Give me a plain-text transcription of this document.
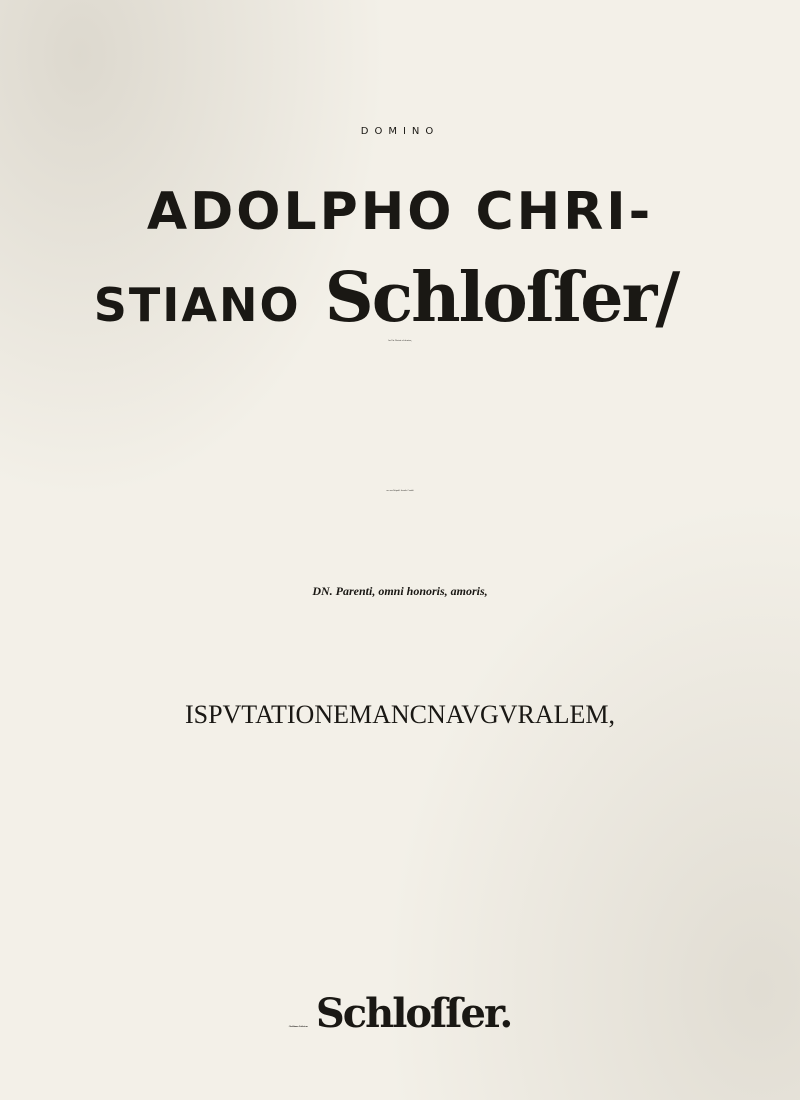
DOMINO
ADOLPHO CHRI-
STIANO Schloſſer/
Jur. Utr. Doctori celeberrimo,
nec non Reipubl. Jenenſis Conſuli
DN. Parenti, omni honoris, amoris,
ISPVTATIONEM ANC NAVGVRALEM,
Chriſtianus Fridericus Schloſſer.
